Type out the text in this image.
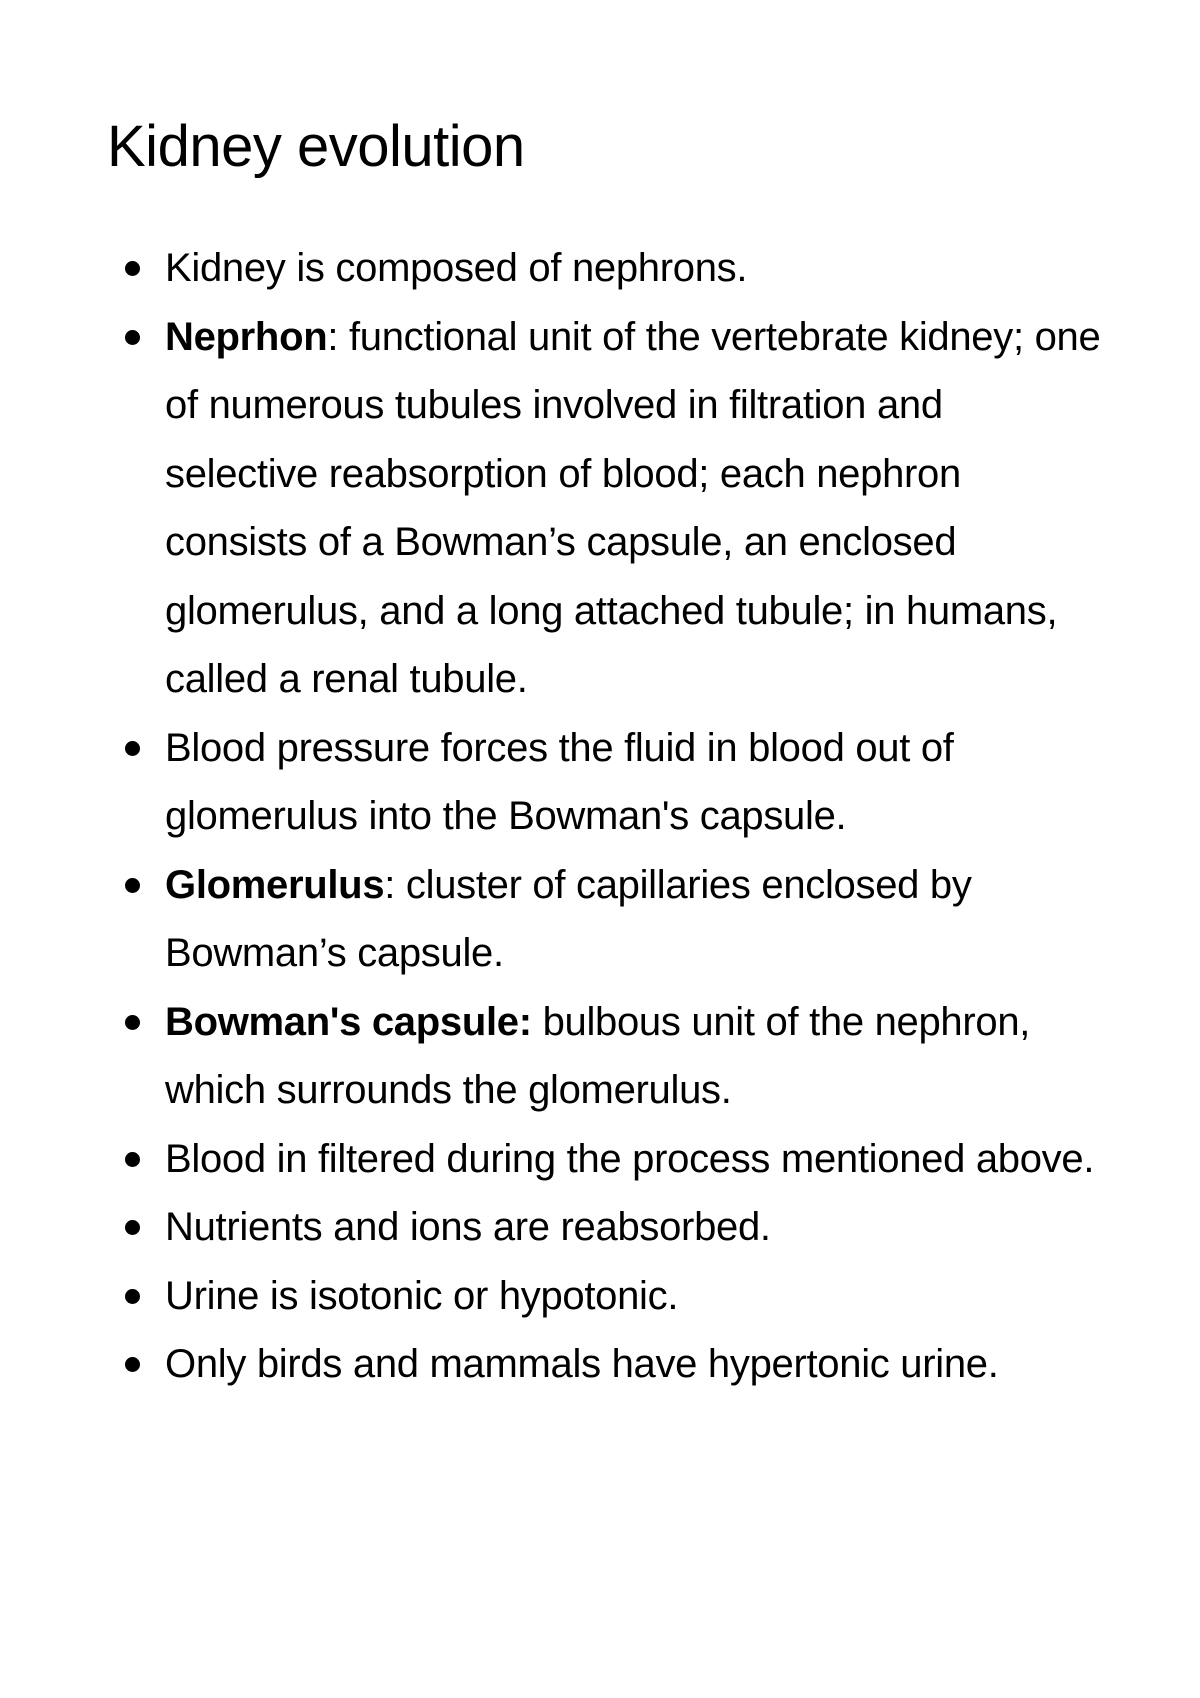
Kidney evolution
Kidney is composed of nephrons.
Neprhon: functional unit of the vertebrate kidney; one of numerous tubules involved in filtration and selective reabsorption of blood; each nephron consists of a Bowman’s capsule, an enclosed glomerulus, and a long attached tubule; in humans, called a renal tubule.
Blood pressure forces the fluid in blood out of glomerulus into the Bowman's capsule.
Glomerulus: cluster of capillaries enclosed by Bowman’s capsule.
Bowman's capsule: bulbous unit of the nephron, which surrounds the glomerulus.
Blood in filtered during the process mentioned above.
Nutrients and ions are reabsorbed.
Urine is isotonic or hypotonic.
Only birds and mammals have hypertonic urine.
